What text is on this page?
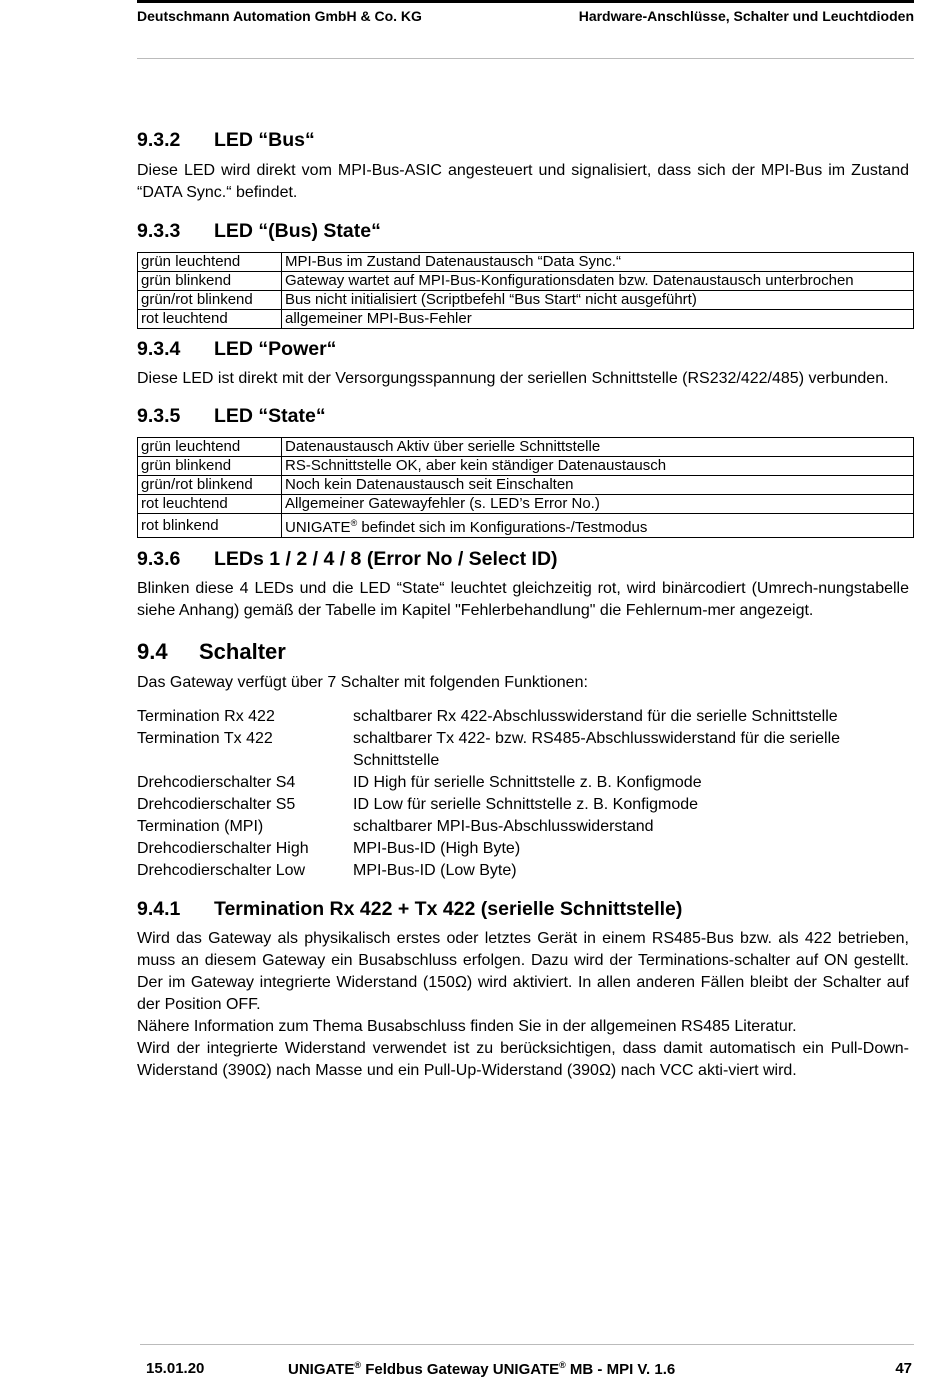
Deutschmann Automation GmbH & Co. KG	Hardware-Anschlüsse, Schalter und Leuchtdioden
9.3.2	LED “Bus“

Diese LED wird direkt vom MPI-Bus-ASIC angesteuert und signalisiert, dass sich der MPI-Bus im Zustand “DATA Sync.“ befindet.

9.3.3	LED “(Bus) State“
grün leuchtend	MPI-Bus im Zustand Datenaustausch “Data Sync.“
grün blinkend	Gateway wartet auf MPI-Bus-Konfigurationsdaten bzw. Datenaustausch unterbrochen
grün/rot blinkend	Bus nicht initialisiert (Scriptbefehl “Bus Start“ nicht ausgeführt)
rot leuchtend	allgemeiner MPI-Bus-Fehler
9.3.4	LED “Power“

Diese LED ist direkt mit der Versorgungsspannung der seriellen Schnittstelle (RS232/422/485) verbunden.

9.3.5	LED “State“
grün leuchtend	Datenaustausch Aktiv über serielle Schnittstelle
grün blinkend	RS-Schnittstelle OK, aber kein ständiger Datenaustausch
grün/rot blinkend	Noch kein Datenaustausch seit Einschalten
rot leuchtend	Allgemeiner Gatewayfehler (s. LED’s Error No.)
rot blinkend	UNIGATE® befindet sich im Konfigurations-/Testmodus
9.3.6	LEDs 1 / 2 / 4 / 8 (Error No / Select ID)

Blinken diese 4 LEDs und die LED “State“ leuchtet gleichzeitig rot, wird binärcodiert (Umrech-nungstabelle siehe Anhang) gemäß der Tabelle im Kapitel "Fehlerbehandlung" die Fehlernum-mer angezeigt.

9.4	Schalter

Das Gateway verfügt über 7 Schalter mit folgenden Funktionen:

Termination Rx 422	schaltbarer Rx 422-Abschlusswiderstand für die serielle Schnittstelle
Termination Tx 422	schaltbarer Tx 422- bzw. RS485-Abschlusswiderstand für die serielle Schnittstelle
Drehcodierschalter S4	ID High für serielle Schnittstelle z. B. Konfigmode
Drehcodierschalter S5	ID Low für serielle Schnittstelle z. B. Konfigmode
Termination (MPI)	schaltbarer MPI-Bus-Abschlusswiderstand
Drehcodierschalter High	MPI-Bus-ID (High Byte)
Drehcodierschalter Low	MPI-Bus-ID (Low Byte)
9.4.1	Termination Rx 422 + Tx 422 (serielle Schnittstelle)

Wird das Gateway als physikalisch erstes oder letztes Gerät in einem RS485-Bus bzw. als 422 betrieben, muss an diesem Gateway ein Busabschluss erfolgen. Dazu wird der Terminations-schalter auf ON gestellt. Der im Gateway integrierte Widerstand (150Ω) wird aktiviert. In allen anderen Fällen bleibt der Schalter auf der Position OFF.

Nähere Information zum Thema Busabschluss finden Sie in der allgemeinen RS485 Literatur.

Wird der integrierte Widerstand verwendet ist zu berücksichtigen, dass damit automatisch ein Pull-Down-Widerstand (390Ω) nach Masse und ein Pull-Up-Widerstand (390Ω) nach VCC akti-viert wird.

15.01.20	UNIGATE® Feldbus Gateway UNIGATE® MB - MPI V. 1.6	47
